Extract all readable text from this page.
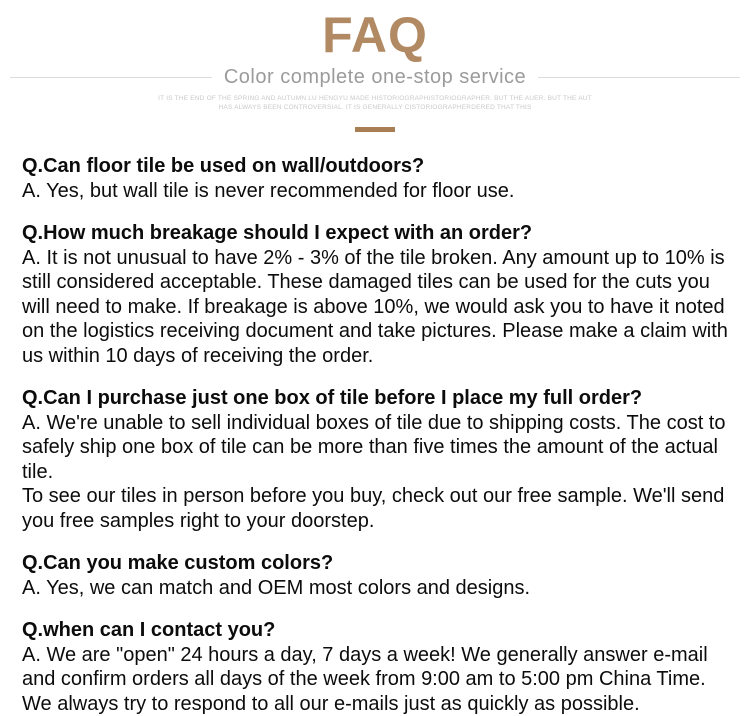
FAQ
Color complete one-stop service
IT IS THE END OF THE SPRING AND AUTUMN LU HENGYU MADE HISTORIOGRAPHISTORIOGRAPHER. BUT THE AUER. BUT THE AUT
HAS ALWAYS BEEN CONTROVERSIAL. IT IS GENERALLY CISTORIOGRAPHERDERED THAT THIS
Q.Can floor tile be used on wall/outdoors?

A. Yes, but wall tile is never recommended for floor use.

Q.How much breakage should I expect with an order?

A. It is not unusual to have 2% - 3% of the tile broken. Any amount up to 10% is still considered acceptable. These damaged tiles can be used for the cuts you will need to make. If breakage is above 10%, we would ask you to have it noted on the logistics receiving document and take pictures. Please make a claim with us within 10 days of receiving the order.

Q.Can I purchase just one box of tile before I place my full order?

A. We're unable to sell individual boxes of tile due to shipping costs. The cost to safely ship one box of tile can be more than five times the amount of the actual tile.

To see our tiles in person before you buy, check out our free sample. We'll send you free samples right to your doorstep.

Q.Can you make custom colors?

A. Yes, we can match and OEM most colors and designs.

Q.when can I contact you?

A. We are "open" 24 hours a day, 7 days a week! We generally answer e-mail and confirm orders all days of the week from 9:00 am to 5:00 pm China Time. We always try to respond to all our e-mails just as quickly as possible.
